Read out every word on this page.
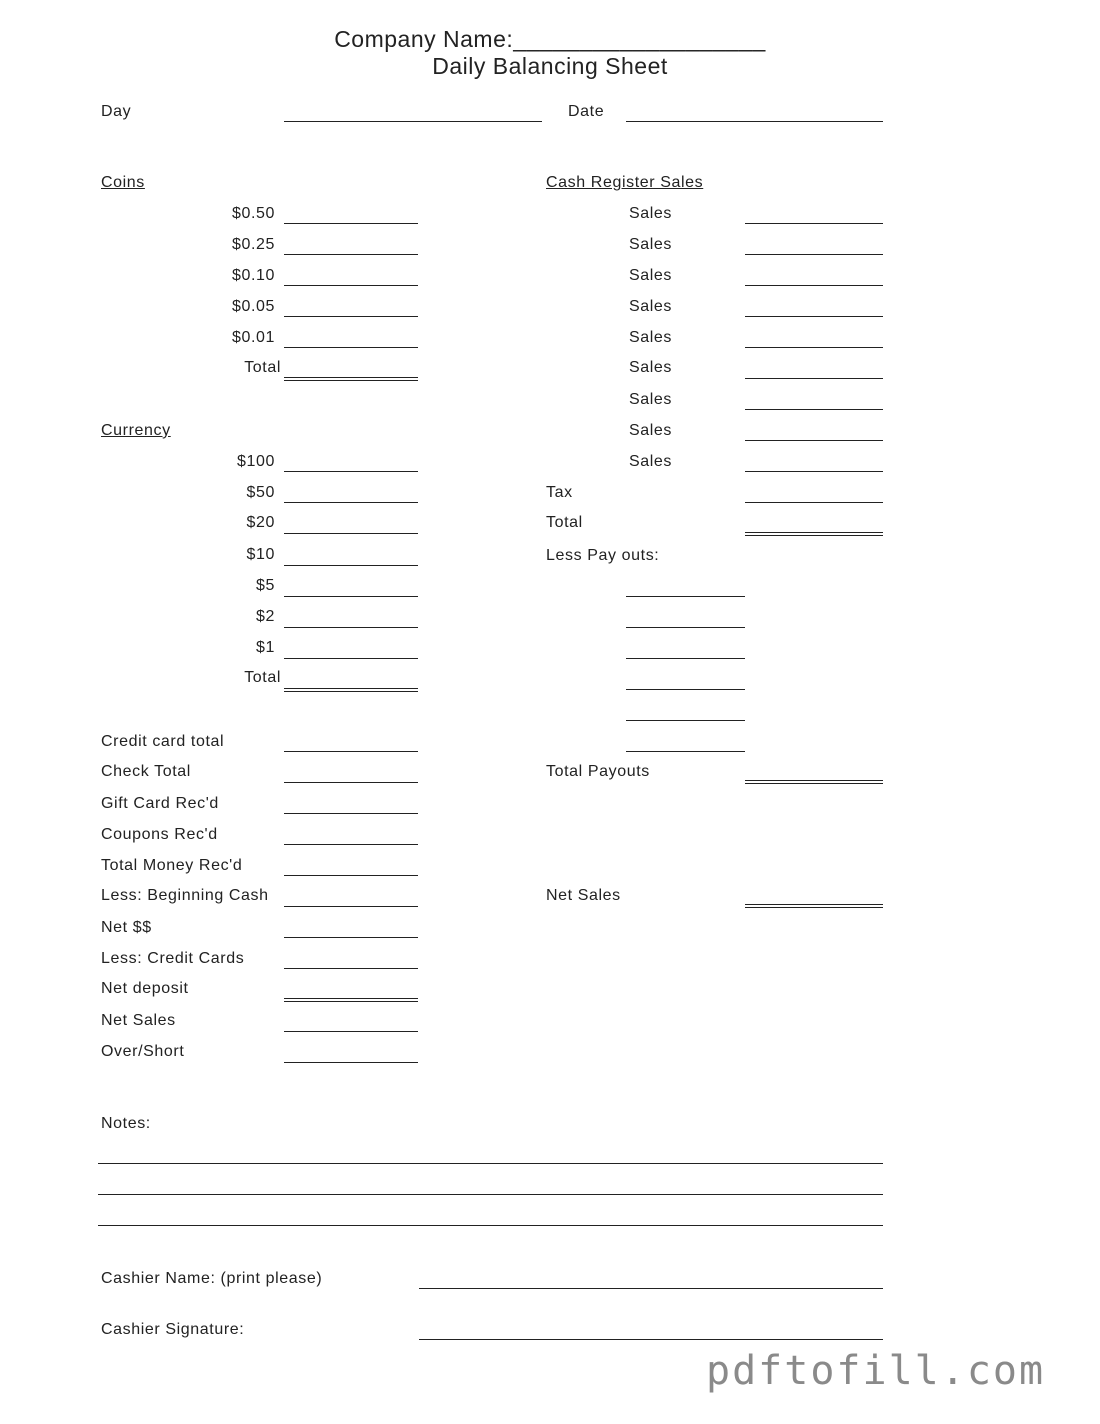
Company Name:___________________
Daily Balancing Sheet
Day	Date
Coins
$0.50
$0.25
$0.10
$0.05
$0.01
Total
Currency
$100
$50
$20
$10
$5
$2
$1
Total
Cash Register Sales
Sales
Sales
Sales
Sales
Sales
Sales
Sales
Sales
Sales
Tax
Total
Less Pay outs:
Total Payouts
Net Sales
Credit card total
Check Total
Gift Card Rec'd
Coupons Rec'd
Total Money Rec'd
Less: Beginning Cash
Net $$
Less: Credit Cards
Net deposit
Net Sales
Over/Short
Notes:
Cashier Name: (print please)
Cashier Signature:
pdftofill.com
